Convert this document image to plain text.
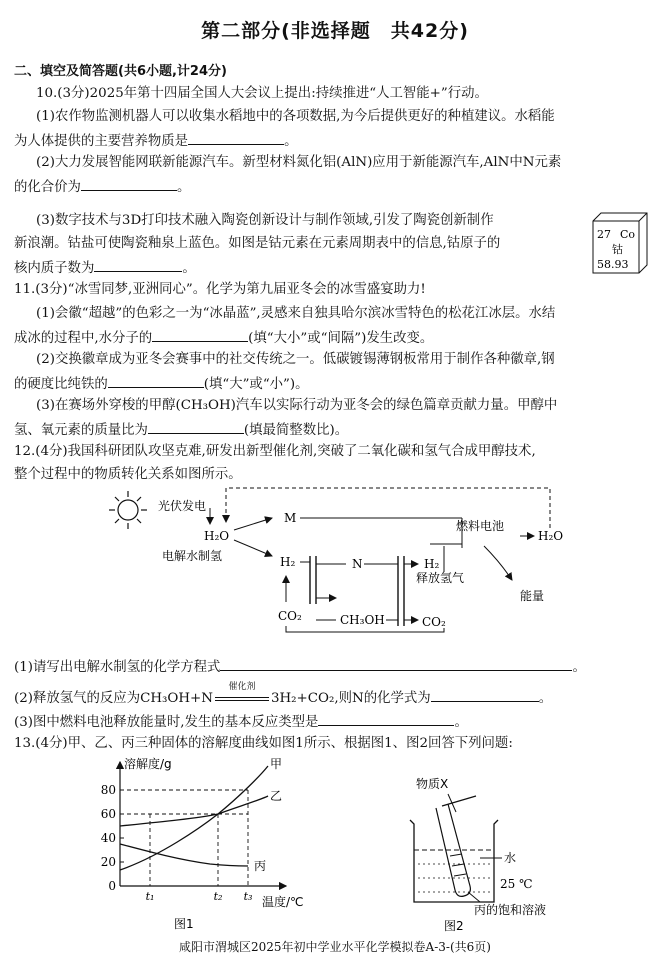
第二部分(非选择题　共42分)
二、填空及简答题(共6小题,计24分)
10.(3分)2025年第十四届全国人大会议上提出:持续推进“人工智能+”行动。
(1)农作物监测机器人可以收集水稻地中的各项数据,为今后提供更好的种植建议。水稻能
为人体提供的主要营养物质是	。
(2)大力发展智能网联新能源汽车。新型材料氮化铝(AlN)应用于新能源汽车,AlN中N元素
的化合价为	。
(3)数字技术与3D打印技术融入陶瓷创新设计与制作领域,引发了陶瓷创新制作
新浪潮。钴盐可使陶瓷釉泉上蓝色。如图是钴元素在元素周期表中的信息,钴原子的
核内质子数为	。
27 Co
钴
58.93
11.(3分)“冰雪同梦,亚洲同心”。化学为第九届亚冬会的冰雪盛宴助力!
(1)会徽“超越”的色彩之一为“冰晶蓝”,灵感来自独具哈尔滨冰雪特色的松花江冰层。水结
成冰的过程中,水分子的	(填“大小”或“间隔”)发生改变。
(2)交换徽章成为亚冬会赛事中的社交传统之一。低碳镀锡薄钢板常用于制作各种徽章,钢
的硬度比纯铁的	(填“大”或“小”)。
(3)在赛场外穿梭的甲醇(CH₃OH)汽车以实际行动为亚冬会的绿色篇章贡献力量。甲醇中
氢、氧元素的质量比为	(填最简整数比)。
12.(4分)我国科研团队攻坚克难,研发出新型催化剂,突破了二氧化碳和氢气合成甲醇技术,
整个过程中的物质转化关系如图所示。
光伏发电
H₂O
电解水制氢
M
H₂
CO₂
N
CH₃OH
H₂
释放氢气
CO₂
燃料电池
H₂O
能量
(1)请写出电解水制氢的化学方程式	。
(2)释放氢气的反应为CH₃OH+N
催化剂
3H₂+CO₂,则N的化学式为	。
(3)图中燃料电池释放能量时,发生的基本反应类型是	。
13.(4分)甲、乙、丙三种固体的溶解度曲线如图1所示、根据图1、图2回答下列问题:
溶解度/g
温度/℃
0
20
40
60
80
t₁	t₂ t₃
甲
乙
丙
图1
物质X
水
25 ℃
丙的饱和溶液
图2
咸阳市渭城区2025年初中学业水平化学模拟卷A-3-(共6页)
